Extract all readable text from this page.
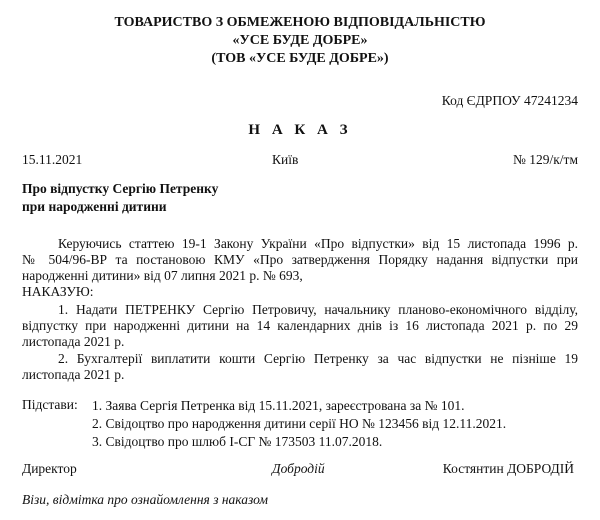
ТОВАРИСТВО З ОБМЕЖЕНОЮ ВІДПОВІДАЛЬНІСТЮ
«УСЕ БУДЕ ДОБРЕ»
(ТОВ «УСЕ БУДЕ ДОБРЕ»)
Код ЄДРПОУ 47241234
Н А К А З
15.11.2021	Київ	№ 129/к/тм
Про відпустку Сергію Петренку
при народженні дитини
Керуючись статтею 19-1 Закону України «Про відпустки» від 15 листопада 1996 р.
№ 504/96-ВР та постановою КМУ «Про затвердження Порядку надання відпустки при
народженні дитини» від 07 липня 2021 р. № 693,
НАКАЗУЮ:
1. Надати ПЕТРЕНКУ Сергію Петровичу, начальнику планово-економічного відділу,
відпустку при народженні дитини на 14 календарних днів із 16 листопада 2021 р. по 29
листопада 2021 р.
2. Бухгалтерії виплатити кошти Сергію Петренку за час відпустки не пізніше 19
листопада 2021 р.
Підстави: 1. Заява Сергія Петренка від 15.11.2021, зареєстрована за № 101.
2. Свідоцтво про народження дитини серії НО № 123456 від 12.11.2021.
3. Свідоцтво про шлюб І-СГ № 173503 11.07.2018.
Директор	Добродій	Костянтин ДОБРОДІЙ
Візи, відмітка про ознайомлення з наказом
